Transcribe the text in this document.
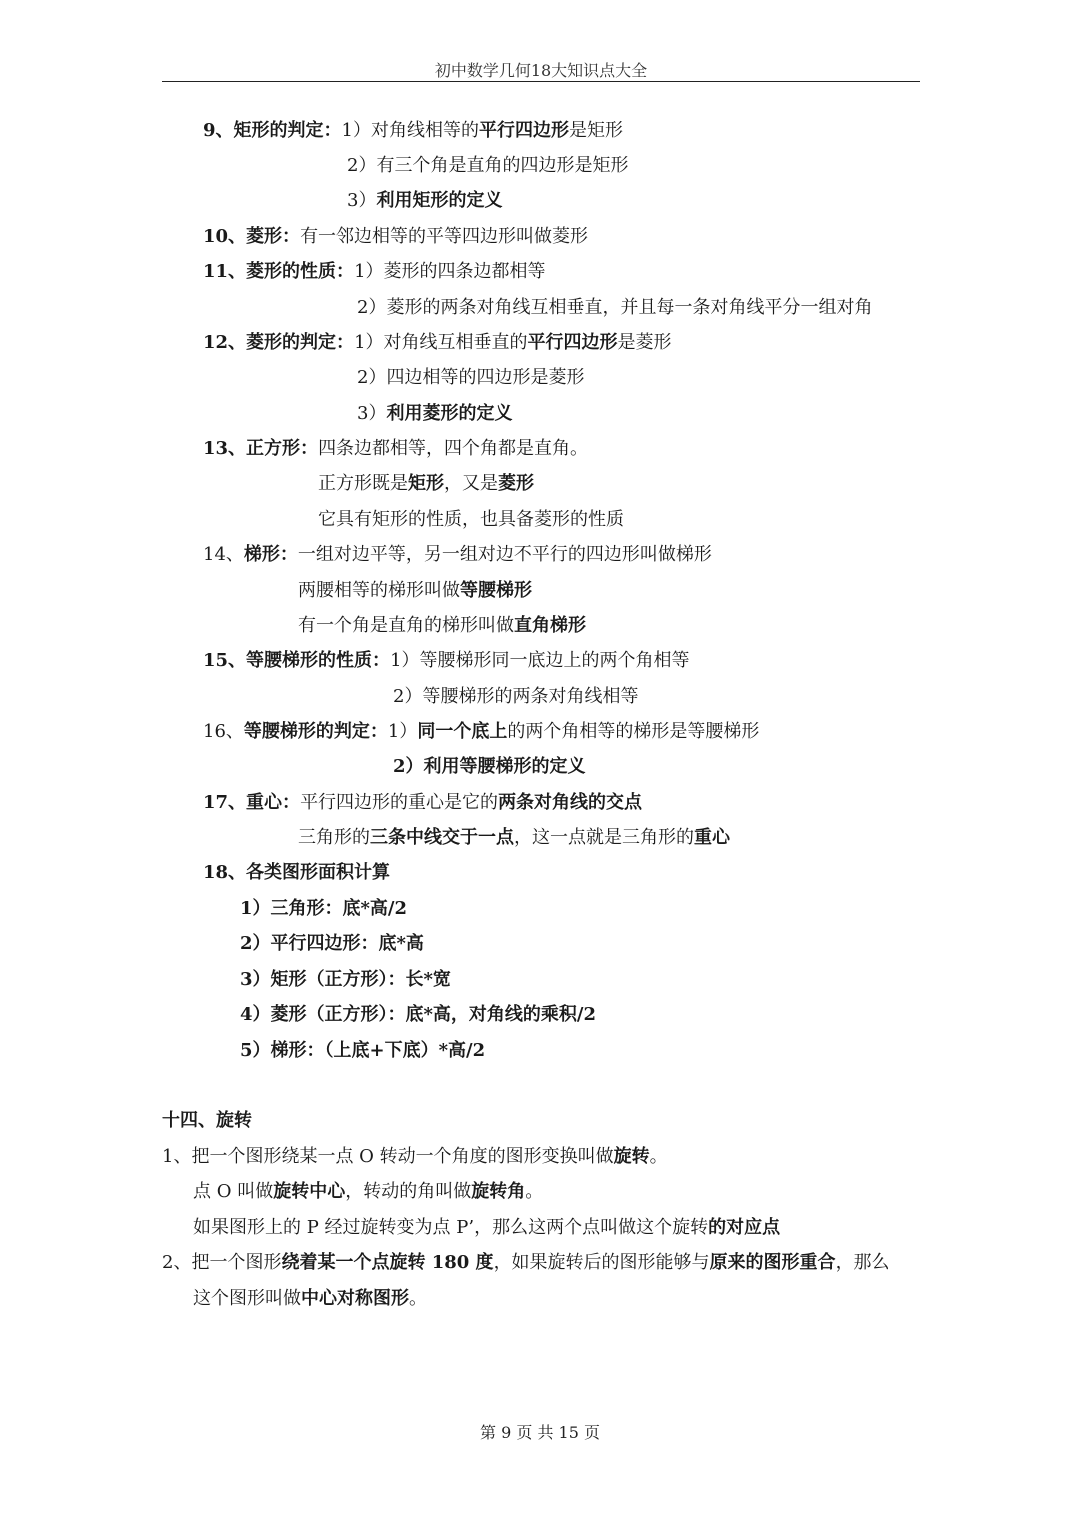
初中数学几何18大知识点大全
9、矩形的判定：1）对角线相等的平行四边形是矩形
2）有三个角是直角的四边形是矩形
3）利用矩形的定义
10、菱形：有一邻边相等的平等四边形叫做菱形
11、菱形的性质：1）菱形的四条边都相等
2）菱形的两条对角线互相垂直，并且每一条对角线平分一组对角
12、菱形的判定：1）对角线互相垂直的平行四边形是菱形
2）四边相等的四边形是菱形
3）利用菱形的定义
13、正方形：四条边都相等，四个角都是直角。
正方形既是矩形，又是菱形
它具有矩形的性质，也具备菱形的性质
14、梯形：一组对边平等，另一组对边不平行的四边形叫做梯形
两腰相等的梯形叫做等腰梯形
有一个角是直角的梯形叫做直角梯形
15、等腰梯形的性质：1）等腰梯形同一底边上的两个角相等
2）等腰梯形的两条对角线相等
16、等腰梯形的判定：1）同一个底上的两个角相等的梯形是等腰梯形
2）利用等腰梯形的定义
17、重心：平行四边形的重心是它的两条对角线的交点
三角形的三条中线交于一点，这一点就是三角形的重心
18、各类图形面积计算
1）三角形：底*高/2
2）平行四边形：底*高
3）矩形（正方形）：长*宽
4）菱形（正方形）：底*高，对角线的乘积/2
5）梯形：（上底+下底）*高/2
十四、旋转
1、把一个图形绕某一点 O 转动一个角度的图形变换叫做旋转。
点 O 叫做旋转中心，转动的角叫做旋转角。
如果图形上的 P 经过旋转变为点 P’，那么这两个点叫做这个旋转的对应点
2、把一个图形绕着某一个点旋转 180 度，如果旋转后的图形能够与原来的图形重合，那么
这个图形叫做中心对称图形。
第 9 页 共 15 页
